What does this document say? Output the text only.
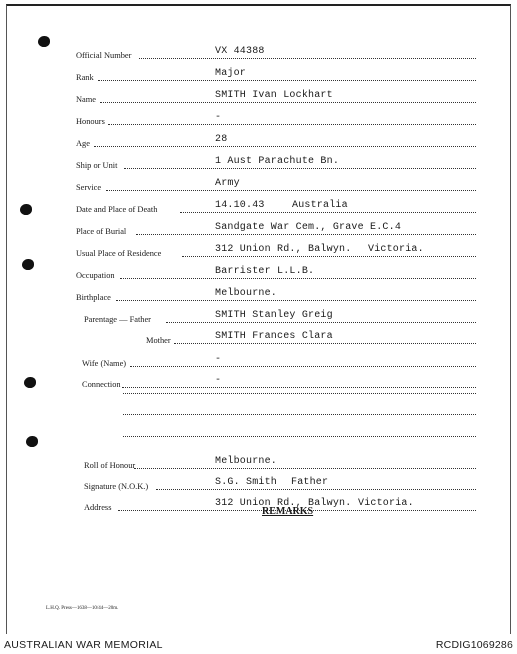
Official Number	VX 44388
Rank	Major
Name	SMITH Ivan Lockhart
Honours	-
Age	28
Ship or Unit	1 Aust Parachute Bn.
Service	Army
Date and Place of Death	14.10.43	Australia
Place of Burial	Sandgate War Cem., Grave E.C.4
Usual Place of Residence	312 Union Rd., Balwyn. Victoria.
Occupation	Barrister L.L.B.
Birthplace	Melbourne.
Parentage — Father	SMITH Stanley Greig
Mother	SMITH Frances Clara
Wife (Name)	-
Connection	-
Roll of Honour	Melbourne.
Signature (N.O.K.)	S.G. Smith Father
Address	312 Union Rd., Balwyn. Victoria.
REMARKS
L.H.Q. Press—1638—10/44—20m.
AUSTRALIAN WAR MEMORIAL	RCDIG1069286
